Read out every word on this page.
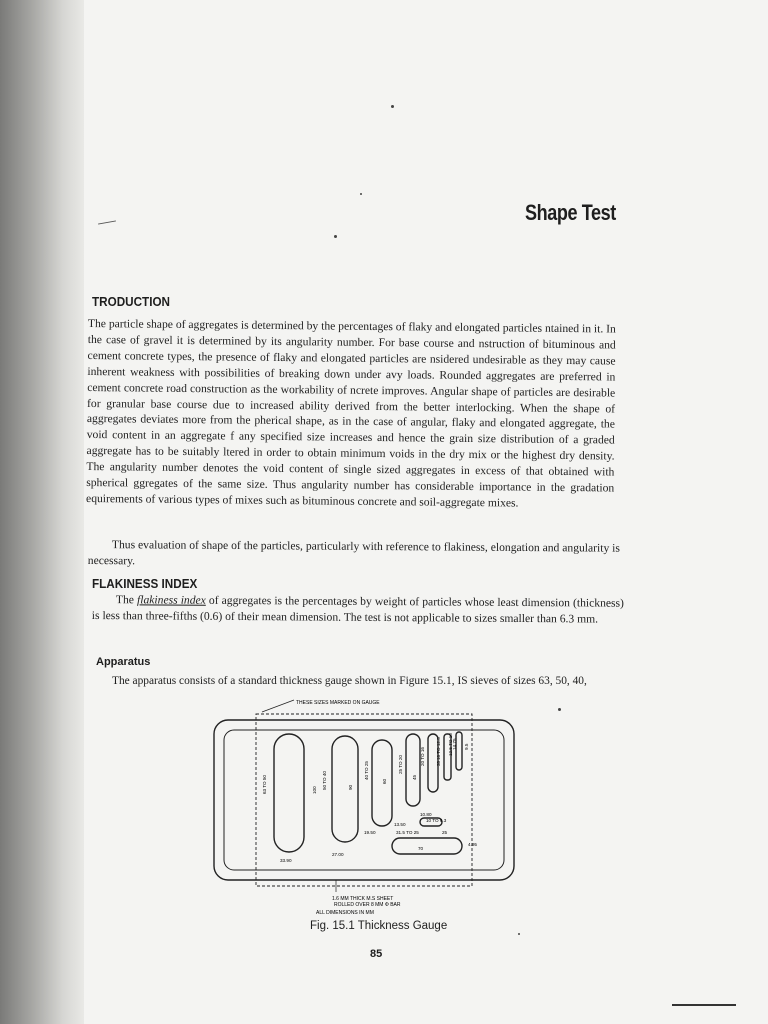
Shape Test
TRODUCTION
The particle shape of aggregates is determined by the percentages of flaky and elongated particles ntained in it. In the case of gravel it is determined by its angularity number. For base course and nstruction of bituminous and cement concrete types, the presence of flaky and elongated particles are nsidered undesirable as they may cause inherent weakness with possibilities of breaking down under avy loads. Rounded aggregates are preferred in cement concrete road construction as the workability of ncrete improves. Angular shape of particles are desirable for granular base course due to increased ability derived from the better interlocking. When the shape of aggregates deviates more from the pherical shape, as in the case of angular, flaky and elongated aggregate, the void content in an aggregate f any specified size increases and hence the grain size distribution of a graded aggregate has to be suitably ltered in order to obtain minimum voids in the dry mix or the highest dry density. The angularity number denotes the void content of single sized aggregates in excess of that obtained with spherical ggregates of the same size. Thus angularity number has considerable importance in the gradation equirements of various types of mixes such as bituminous concrete and soil-aggregate mixes.
Thus evaluation of shape of the particles, particularly with reference to flakiness, elongation and angularity is necessary.
FLAKINESS INDEX
The flakiness index of aggregates is the percentages by weight of particles whose least dimension (thickness) is less than three-fifths (0.6) of their mean dimension. The test is not applicable to sizes smaller than 6.3 mm.
Apparatus
The apparatus consists of a standard thickness gauge shown in Figure 15.1, IS sieves of sizes 63, 50, 40,
THESE SIZES MARKED ON GAUGE
1.6 MM THICK M.S SHEET
ROLLED OVER 8 MM Φ BAR
ALL DIMENSIONS IN MM
63 TO 50	100
50 TO 40	90
40 TO 25
60
25 TO 20
45
20 TO 16 35
16 TO 12.5 14.75
12.5 TO 10 9.5
33.90
27.00
19.50
13.50
31.5 TO 25	25
70
10.80
10 TO 6.3
4.95
Fig. 15.1 Thickness Gauge
85
